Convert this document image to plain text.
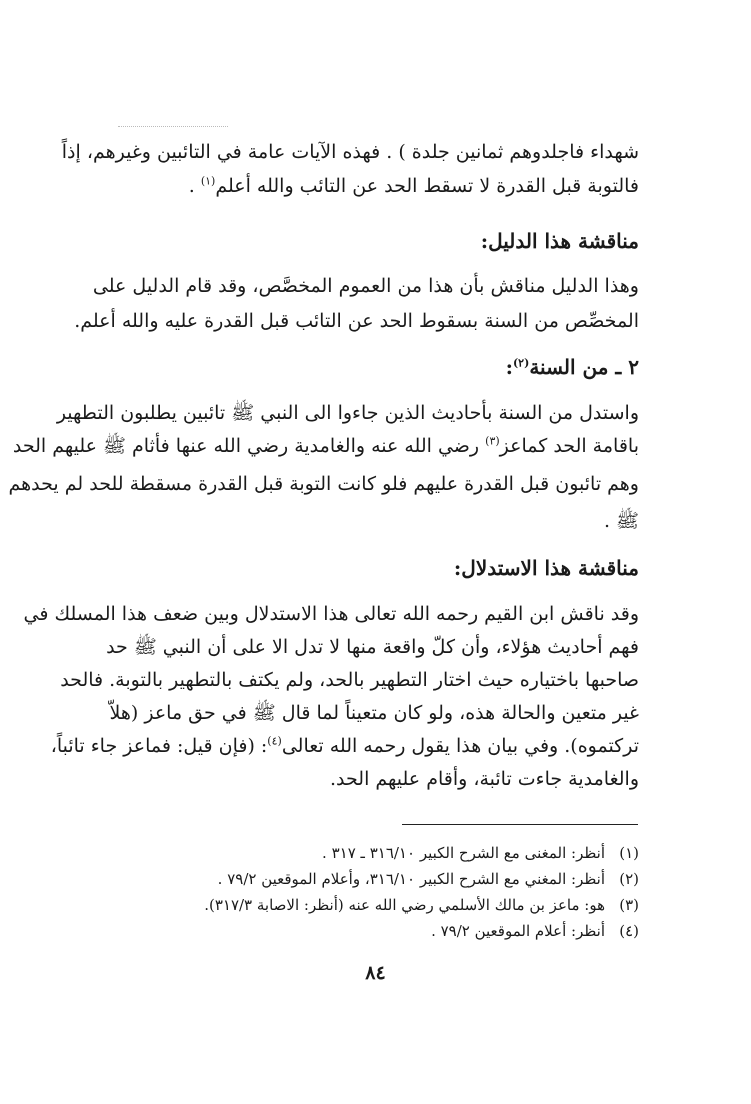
شهداء فاجلدوهم ثمانين جلدة ) . فهذه الآيات عامة في التائبين وغيرهم، إذاً
فالتوبة قبل القدرة لا تسقط الحد عن التائب والله أعلم$^{(١)}$ .
مناقشة هذا الدليل:
وهذا الدليل مناقش بأن هذا من العموم المخصَّص، وقد قام الدليل على
المخصِّص من السنة بسقوط الحد عن التائب قبل القدرة عليه والله أعلم.
٢ ـ من السنة$^{(٢)}$:
واستدل من السنة بأحاديث الذين جاءوا الى النبي ﷺ تائبين يطلبون التطهير
باقامة الحد كماعز$^{(٣)}$ رضي الله عنه والغامدية رضي الله عنها فأثام ﷺ عليهم الحد
وهم تائبون قبل القدرة عليهم فلو كانت التوبة قبل القدرة مسقطة للحد لم يحدهم
ﷺ .
مناقشة هذا الاستدلال:
وقد ناقش ابن القيم رحمه الله تعالى هذا الاستدلال وبين ضعف هذا المسلك في
فهم أحاديث هؤلاء، وأن كلّ واقعة منها لا تدل الا على أن النبي ﷺ حد
صاحبها باختياره حيث اختار التطهير بالحد، ولم يكتف بالتطهير بالتوبة. فالحد
غير متعين والحالة هذه، ولو كان متعيناً لما قال ﷺ في حق ماعز (هلاّ
تركتموه). وفي بيان هذا يقول رحمه الله تعالى$^{(٤)}$: (فإن قيل: فماعز جاء تائباً،
والغامدية جاءت تائبة، وأقام عليهم الحد.
(١)أنظر: المغنى مع الشرح الكبير ٣١٦/١٠ ـ ٣١٧ .
(٢)أنظر: المغني مع الشرح الكبير ٣١٦/١٠، وأعلام الموقعين ٧٩/٢ .
(٣)هو: ماعز بن مالك الأسلمي رضي الله عنه (أنظر: الاصابة ٣١٧/٣).
(٤)أنظر: أعلام الموقعين ٧٩/٢ .
٨٤
